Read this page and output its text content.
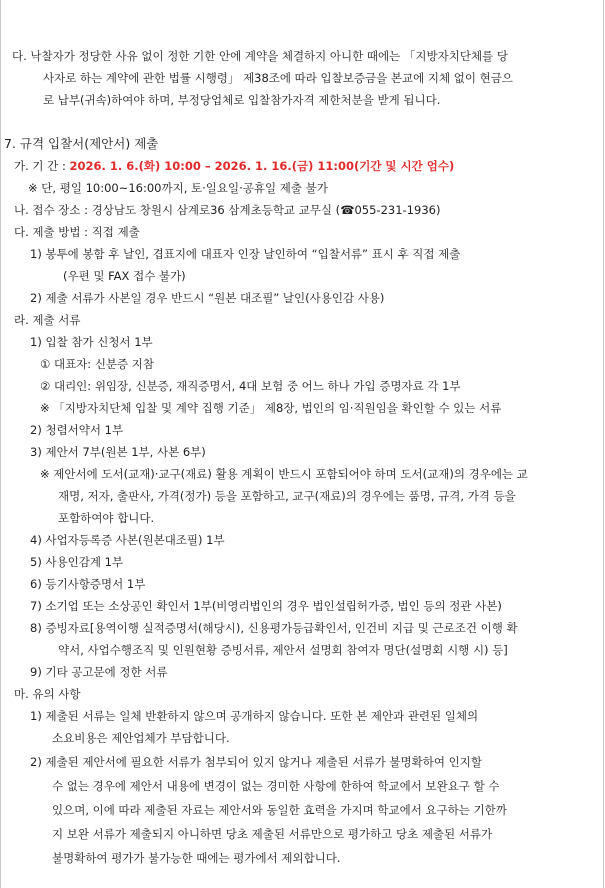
다. 낙찰자가 정당한 사유 없이 정한 기한 안에 계약을 체결하지 아니한 때에는 「지방자치단체를 당
사자로 하는 계약에 관한 법률 시행령」 제38조에 따라 입찰보증금을 본교에 지체 없이 현금으
로 납부(귀속)하여야 하며, 부정당업체로 입찰참가자격 제한처분을 받게 됩니다.
7. 규격 입찰서(제안서) 제출
가. 기 간 : 2026. 1. 6.(화) 10:00 – 2026. 1. 16.(금) 11:00(기간 및 시간 엄수)
※ 단, 평일 10:00~16:00까지, 토·일요일·공휴일 제출 불가
나. 접수 장소 : 경상남도 창원시 삼계로36 삼계초등학교 교무실 (☎055-231-1936)
다. 제출 방법 : 직접 제출
1) 봉투에 봉함 후 날인, 겹표지에 대표자 인장 날인하여 “입찰서류” 표시 후 직접 제출
(우편 및 FAX 접수 불가)
2) 제출 서류가 사본일 경우 반드시 “원본 대조필” 날인(사용인감 사용)
라. 제출 서류
1) 입찰 참가 신청서 1부
① 대표자: 신분증 지참
② 대리인: 위임장, 신분증, 재직증명서, 4대 보험 중 어느 하나 가입 증명자료 각 1부
※ 「지방자치단체 입찰 및 계약 집행 기준」 제8장, 법인의 임·직원임을 확인할 수 있는 서류
2) 청렴서약서 1부
3) 제안서 7부(원본 1부, 사본 6부)
※ 제안서에 도서(교재)·교구(재료) 활용 계획이 반드시 포함되어야 하며 도서(교재)의 경우에는 교
재명, 저자, 출판사, 가격(정가) 등을 포함하고, 교구(재료)의 경우에는 품명, 규격, 가격 등을
포함하여야 합니다.
4) 사업자등록증 사본(원본대조필) 1부
5) 사용인감계 1부
6) 등기사항증명서 1부
7) 소기업 또는 소상공인 확인서 1부(비영리법인의 경우 법인설립허가증, 법인 등의 정관 사본)
8) 증빙자료[용역이행 실적증명서(해당시), 신용평가등급확인서, 인건비 지급 및 근로조건 이행 확
약서, 사업수행조직 및 인원현황 증빙서류, 제안서 설명회 참여자 명단(설명회 시행 시) 등]
9) 기타 공고문에 정한 서류
마. 유의 사항
1) 제출된 서류는 일체 반환하지 않으며 공개하지 않습니다. 또한 본 제안과 관련된 일체의
소요비용은 제안업체가 부담합니다.
2) 제출된 제안서에 필요한 서류가 첨부되어 있지 않거나 제출된 서류가 불명확하여 인지할
수 없는 경우에 제안서 내용에 변경이 없는 경미한 사항에 한하여 학교에서 보완요구 할 수
있으며, 이에 따라 제출된 자료는 제안서와 동일한 효력을 가지며 학교에서 요구하는 기한까
지 보완 서류가 제출되지 아니하면 당초 제출된 서류만으로 평가하고 당초 제출된 서류가
불명확하여 평가가 불가능한 때에는 평가에서 제외합니다.
